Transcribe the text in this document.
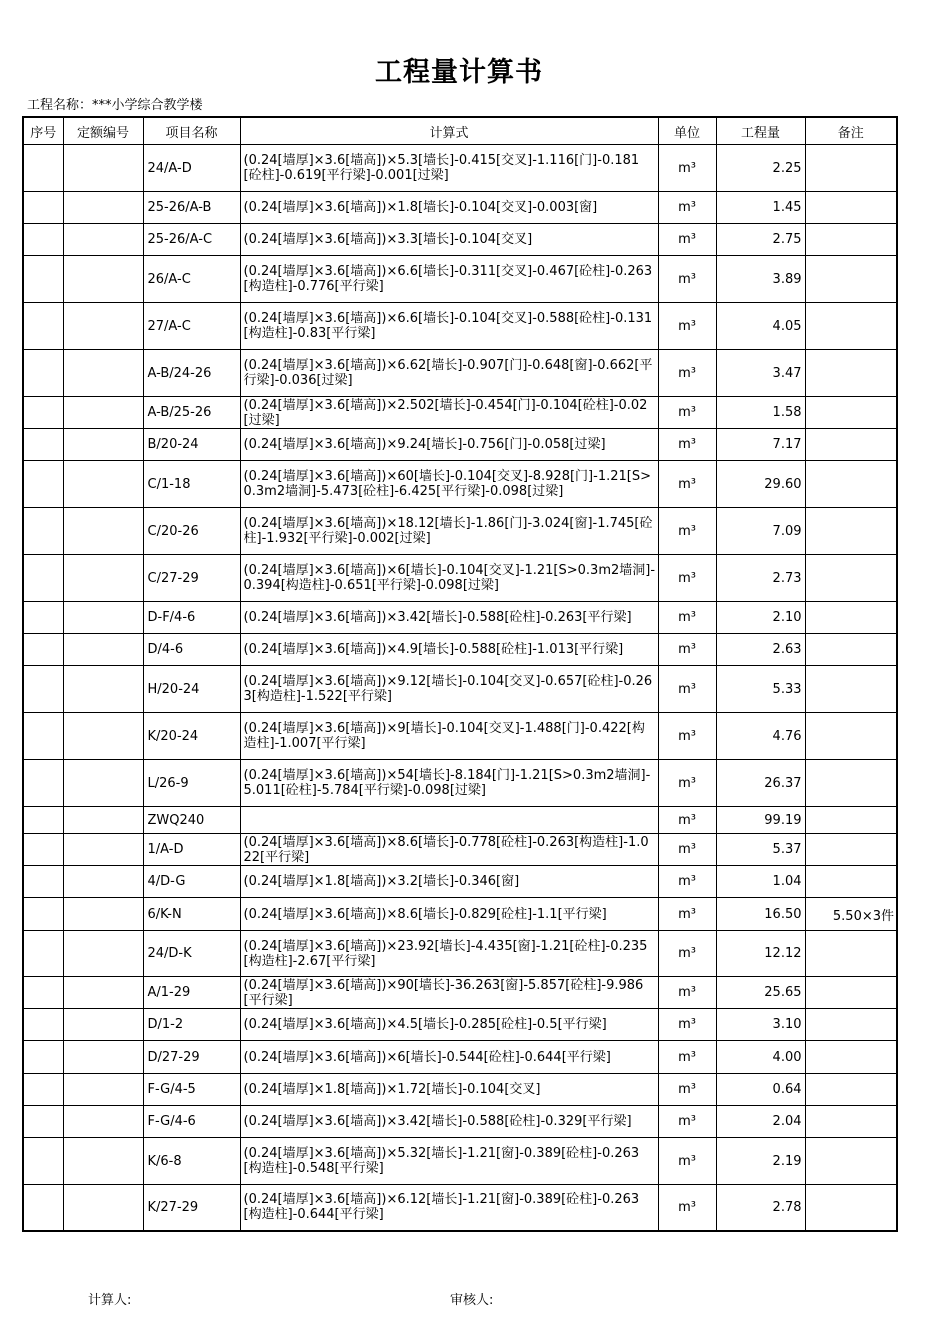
工程量计算书
工程名称：***小学综合教学楼
序号	定额编号	项目名称	计算式	单位	工程量	备注
		24/A-D	(0.24[墙厚]×3.6[墙高])×5.3[墙长]-0.415[交叉]-1.116[门]-0.181[砼柱]-0.619[平行梁]-0.001[过梁]	m³	2.25	
		25-26/A-B	(0.24[墙厚]×3.6[墙高])×1.8[墙长]-0.104[交叉]-0.003[窗]	m³	1.45	
		25-26/A-C	(0.24[墙厚]×3.6[墙高])×3.3[墙长]-0.104[交叉]	m³	2.75	
		26/A-C	(0.24[墙厚]×3.6[墙高])×6.6[墙长]-0.311[交叉]-0.467[砼柱]-0.263[构造柱]-0.776[平行梁]	m³	3.89	
		27/A-C	(0.24[墙厚]×3.6[墙高])×6.6[墙长]-0.104[交叉]-0.588[砼柱]-0.131[构造柱]-0.83[平行梁]	m³	4.05	
		A-B/24-26	(0.24[墙厚]×3.6[墙高])×6.62[墙长]-0.907[门]-0.648[窗]-0.662[平行梁]-0.036[过梁]	m³	3.47	
		A-B/25-26	(0.24[墙厚]×3.6[墙高])×2.502[墙长]-0.454[门]-0.104[砼柱]-0.02[过梁]	m³	1.58	
		B/20-24	(0.24[墙厚]×3.6[墙高])×9.24[墙长]-0.756[门]-0.058[过梁]	m³	7.17	
		C/1-18	(0.24[墙厚]×3.6[墙高])×60[墙长]-0.104[交叉]-8.928[门]-1.21[S>0.3m2墙洞]-5.473[砼柱]-6.425[平行梁]-0.098[过梁]	m³	29.60	
		C/20-26	(0.24[墙厚]×3.6[墙高])×18.12[墙长]-1.86[门]-3.024[窗]-1.745[砼柱]-1.932[平行梁]-0.002[过梁]	m³	7.09	
		C/27-29	(0.24[墙厚]×3.6[墙高])×6[墙长]-0.104[交叉]-1.21[S>0.3m2墙洞]-0.394[构造柱]-0.651[平行梁]-0.098[过梁]	m³	2.73	
		D-F/4-6	(0.24[墙厚]×3.6[墙高])×3.42[墙长]-0.588[砼柱]-0.263[平行梁]	m³	2.10	
		D/4-6	(0.24[墙厚]×3.6[墙高])×4.9[墙长]-0.588[砼柱]-1.013[平行梁]	m³	2.63	
		H/20-24	(0.24[墙厚]×3.6[墙高])×9.12[墙长]-0.104[交叉]-0.657[砼柱]-0.263[构造柱]-1.522[平行梁]	m³	5.33	
		K/20-24	(0.24[墙厚]×3.6[墙高])×9[墙长]-0.104[交叉]-1.488[门]-0.422[构造柱]-1.007[平行梁]	m³	4.76	
		L/26-9	(0.24[墙厚]×3.6[墙高])×54[墙长]-8.184[门]-1.21[S>0.3m2墙洞]-5.011[砼柱]-5.784[平行梁]-0.098[过梁]	m³	26.37	
		ZWQ240		m³	99.19	
		1/A-D	(0.24[墙厚]×3.6[墙高])×8.6[墙长]-0.778[砼柱]-0.263[构造柱]-1.022[平行梁]	m³	5.37	
		4/D-G	(0.24[墙厚]×1.8[墙高])×3.2[墙长]-0.346[窗]	m³	1.04	
		6/K-N	(0.24[墙厚]×3.6[墙高])×8.6[墙长]-0.829[砼柱]-1.1[平行梁]	m³	16.50	5.50×3件
		24/D-K	(0.24[墙厚]×3.6[墙高])×23.92[墙长]-4.435[窗]-1.21[砼柱]-0.235[构造柱]-2.67[平行梁]	m³	12.12	
		A/1-29	(0.24[墙厚]×3.6[墙高])×90[墙长]-36.263[窗]-5.857[砼柱]-9.986[平行梁]	m³	25.65	
		D/1-2	(0.24[墙厚]×3.6[墙高])×4.5[墙长]-0.285[砼柱]-0.5[平行梁]	m³	3.10	
		D/27-29	(0.24[墙厚]×3.6[墙高])×6[墙长]-0.544[砼柱]-0.644[平行梁]	m³	4.00	
		F-G/4-5	(0.24[墙厚]×1.8[墙高])×1.72[墙长]-0.104[交叉]	m³	0.64	
		F-G/4-6	(0.24[墙厚]×3.6[墙高])×3.42[墙长]-0.588[砼柱]-0.329[平行梁]	m³	2.04	
		K/6-8	(0.24[墙厚]×3.6[墙高])×5.32[墙长]-1.21[窗]-0.389[砼柱]-0.263[构造柱]-0.548[平行梁]	m³	2.19	
		K/27-29	(0.24[墙厚]×3.6[墙高])×6.12[墙长]-1.21[窗]-0.389[砼柱]-0.263[构造柱]-0.644[平行梁]	m³	2.78	
计算人:	审核人:
